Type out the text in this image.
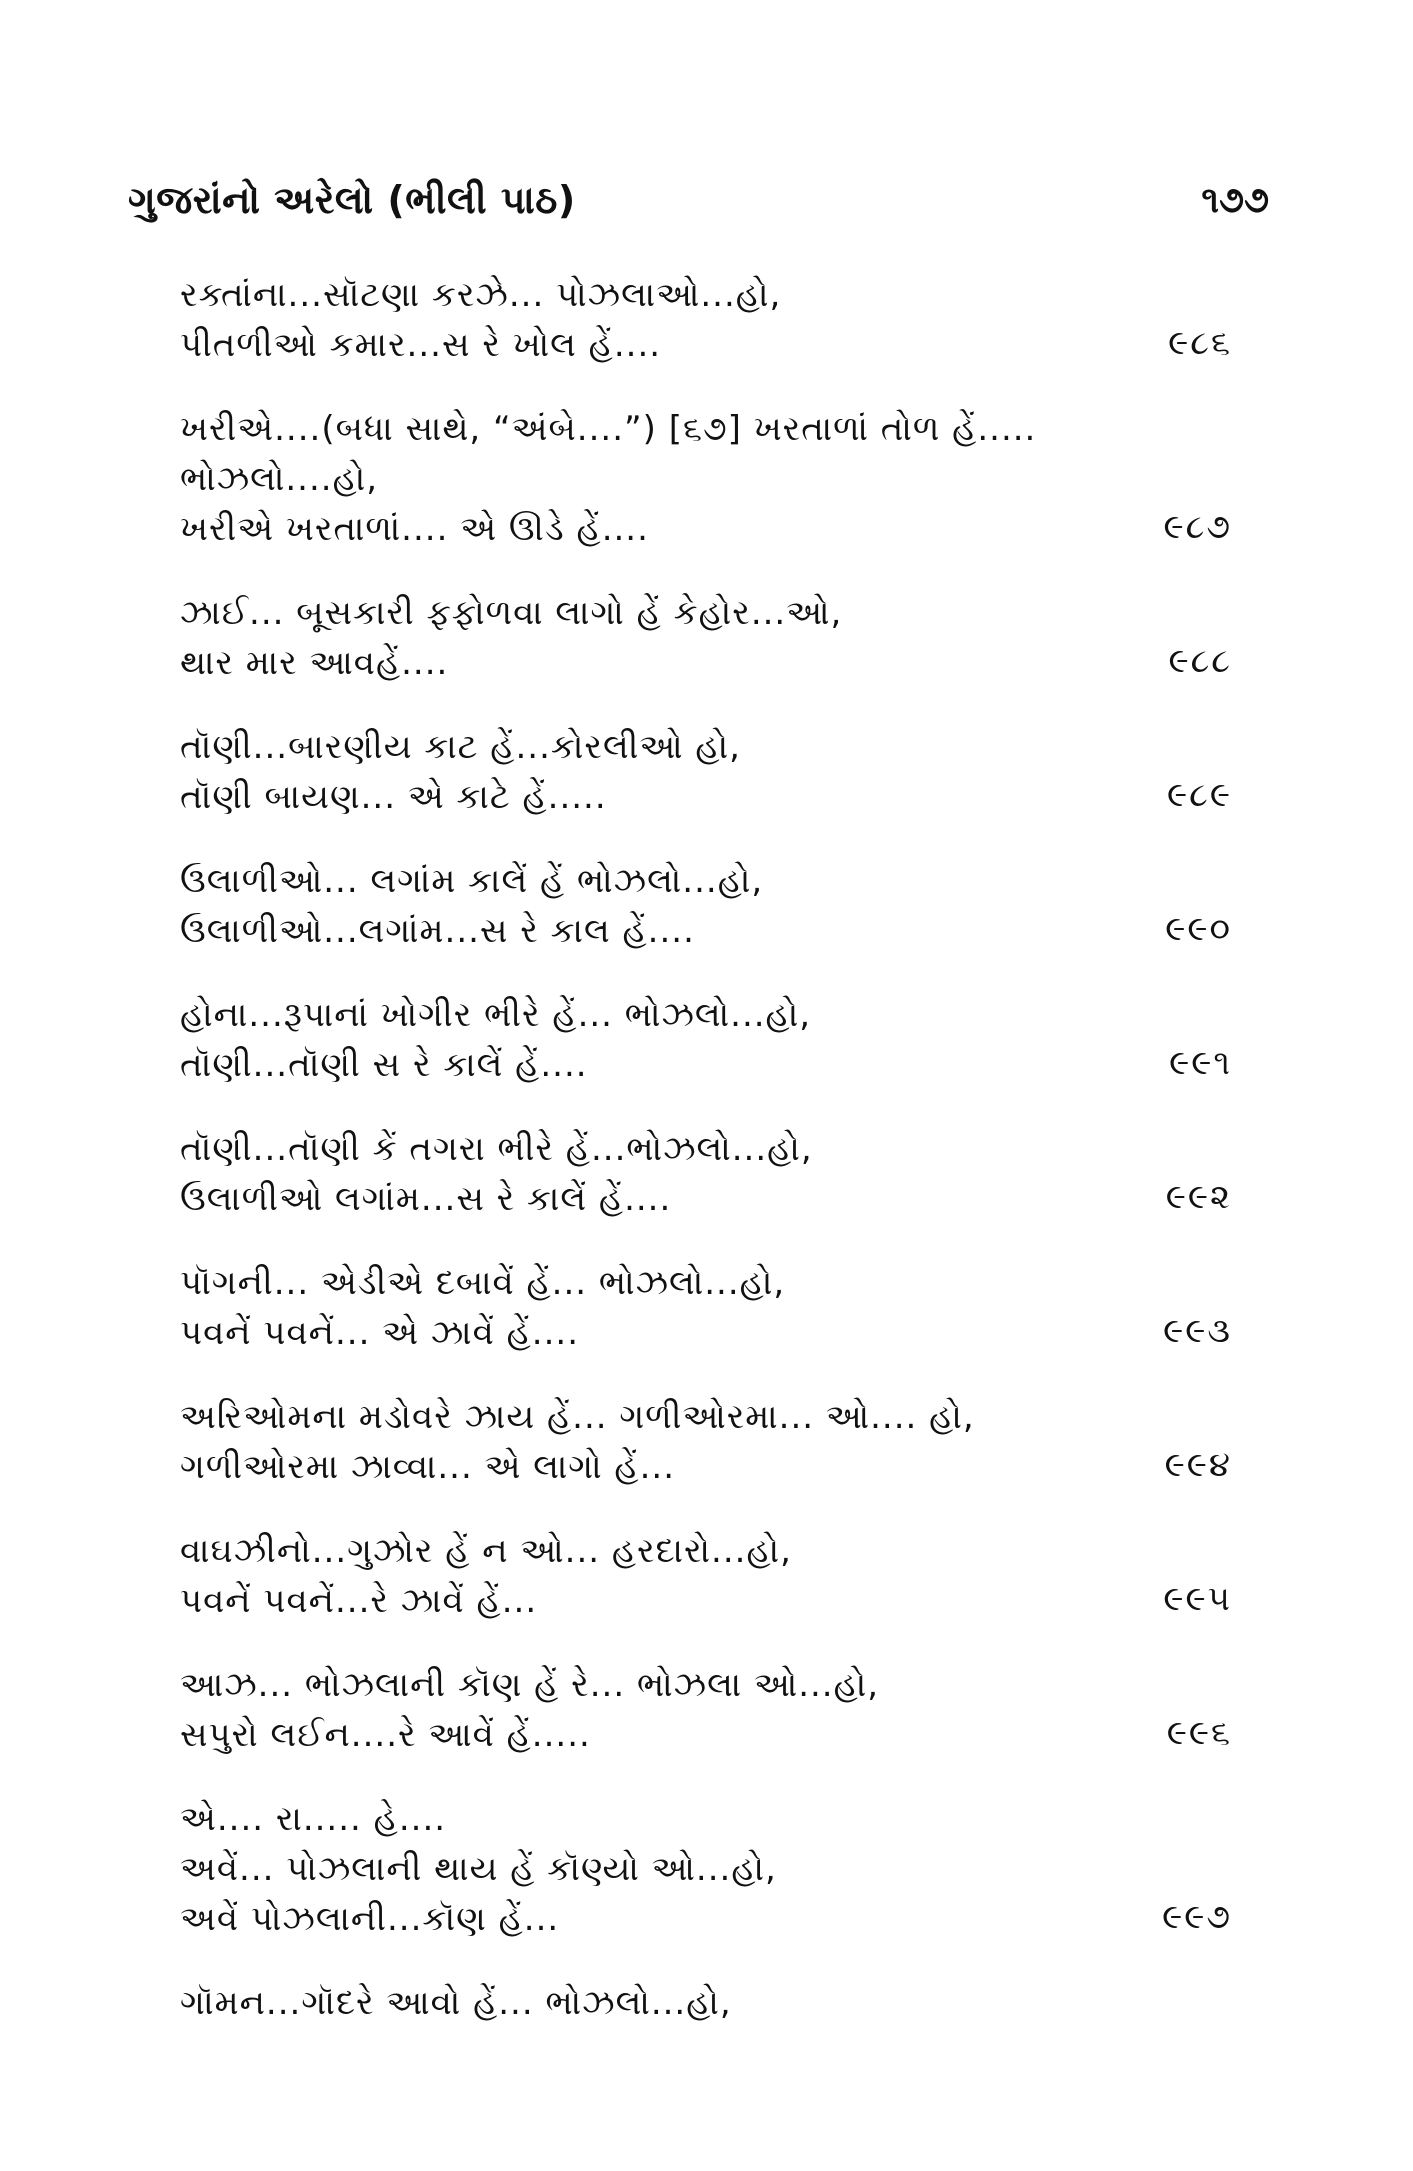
ગુજરાંનો અરેલો (ભીલી પાઠ)	૧૭૭
રક્તાંના...સૉટણા કરઝે... પોઝલાઓ...હો,
પીતળીઓ કમાર...સ રે ખોલ હેં....	૯૮૬
ખરીએ....(બધા સાથે, “અંબે....”) [૬૭] ખરતાળાં તોળ હેં.....
ભોઝલો....હો,
ખરીએ ખરતાળાં.... એ ઊડે હેં....	૯૮૭
ઝાઈ... બૂસકારી ફફોળવા લાગો હેં કેહોર...ઓ,
થાર માર આવહેં....	૯૮૮
તૉણી...બારણીય કાટ હેં...કોરલીઓ હો,
તૉણી બાયણ... એ કાટે હેં.....	૯૮૯
ઉલાળીઓ... લગાંમ કાલેં હેં ભોઝલો...હો,
ઉલાળીઓ...લગાંમ...સ રે કાલ હેં....	૯૯૦
હોના...રૂપાનાં ખોગીર ભીરે હેં... ભોઝલો...હો,
તૉણી...તૉણી સ રે કાલેં હેં....	૯૯૧
તૉણી...તૉણી કેં તગરા ભીરે હેં...ભોઝલો...હો,
ઉલાળીઓ લગાંમ...સ રે કાલેં હેં....	૯૯૨
પૉગની... એડીએ દબાવેં હેં... ભોઝલો...હો,
પવનેં પવનેં... એ ઝાવેં હેં....	૯૯૩
અરિઓમના મડોવરે ઝાય હેં... ગળીઓરમા... ઓ.... હો,
ગળીઓરમા ઝાવ્વા... એ લાગો હેં...	૯૯૪
વાઘઝીનો...ગુઝોર હેં ન ઓ... હરદારો...હો,
પવનેં પવનેં...રે ઝાવેં હેં...	૯૯૫
આઝ... ભોઝલાની કૉણ હેં રે... ભોઝલા ઓ...હો,
સપુરો લઈન....રે આવેં હેં.....	૯૯૬
એ.... રા..... હે....
અવેં... પોઝલાની થાય હેં કૉણ્યો ઓ...હો,
અવેં પોઝલાની...કૉણ હેં...	૯૯૭
ગૉમન...ગૉદરે આવો હેં... ભોઝલો...હો,
